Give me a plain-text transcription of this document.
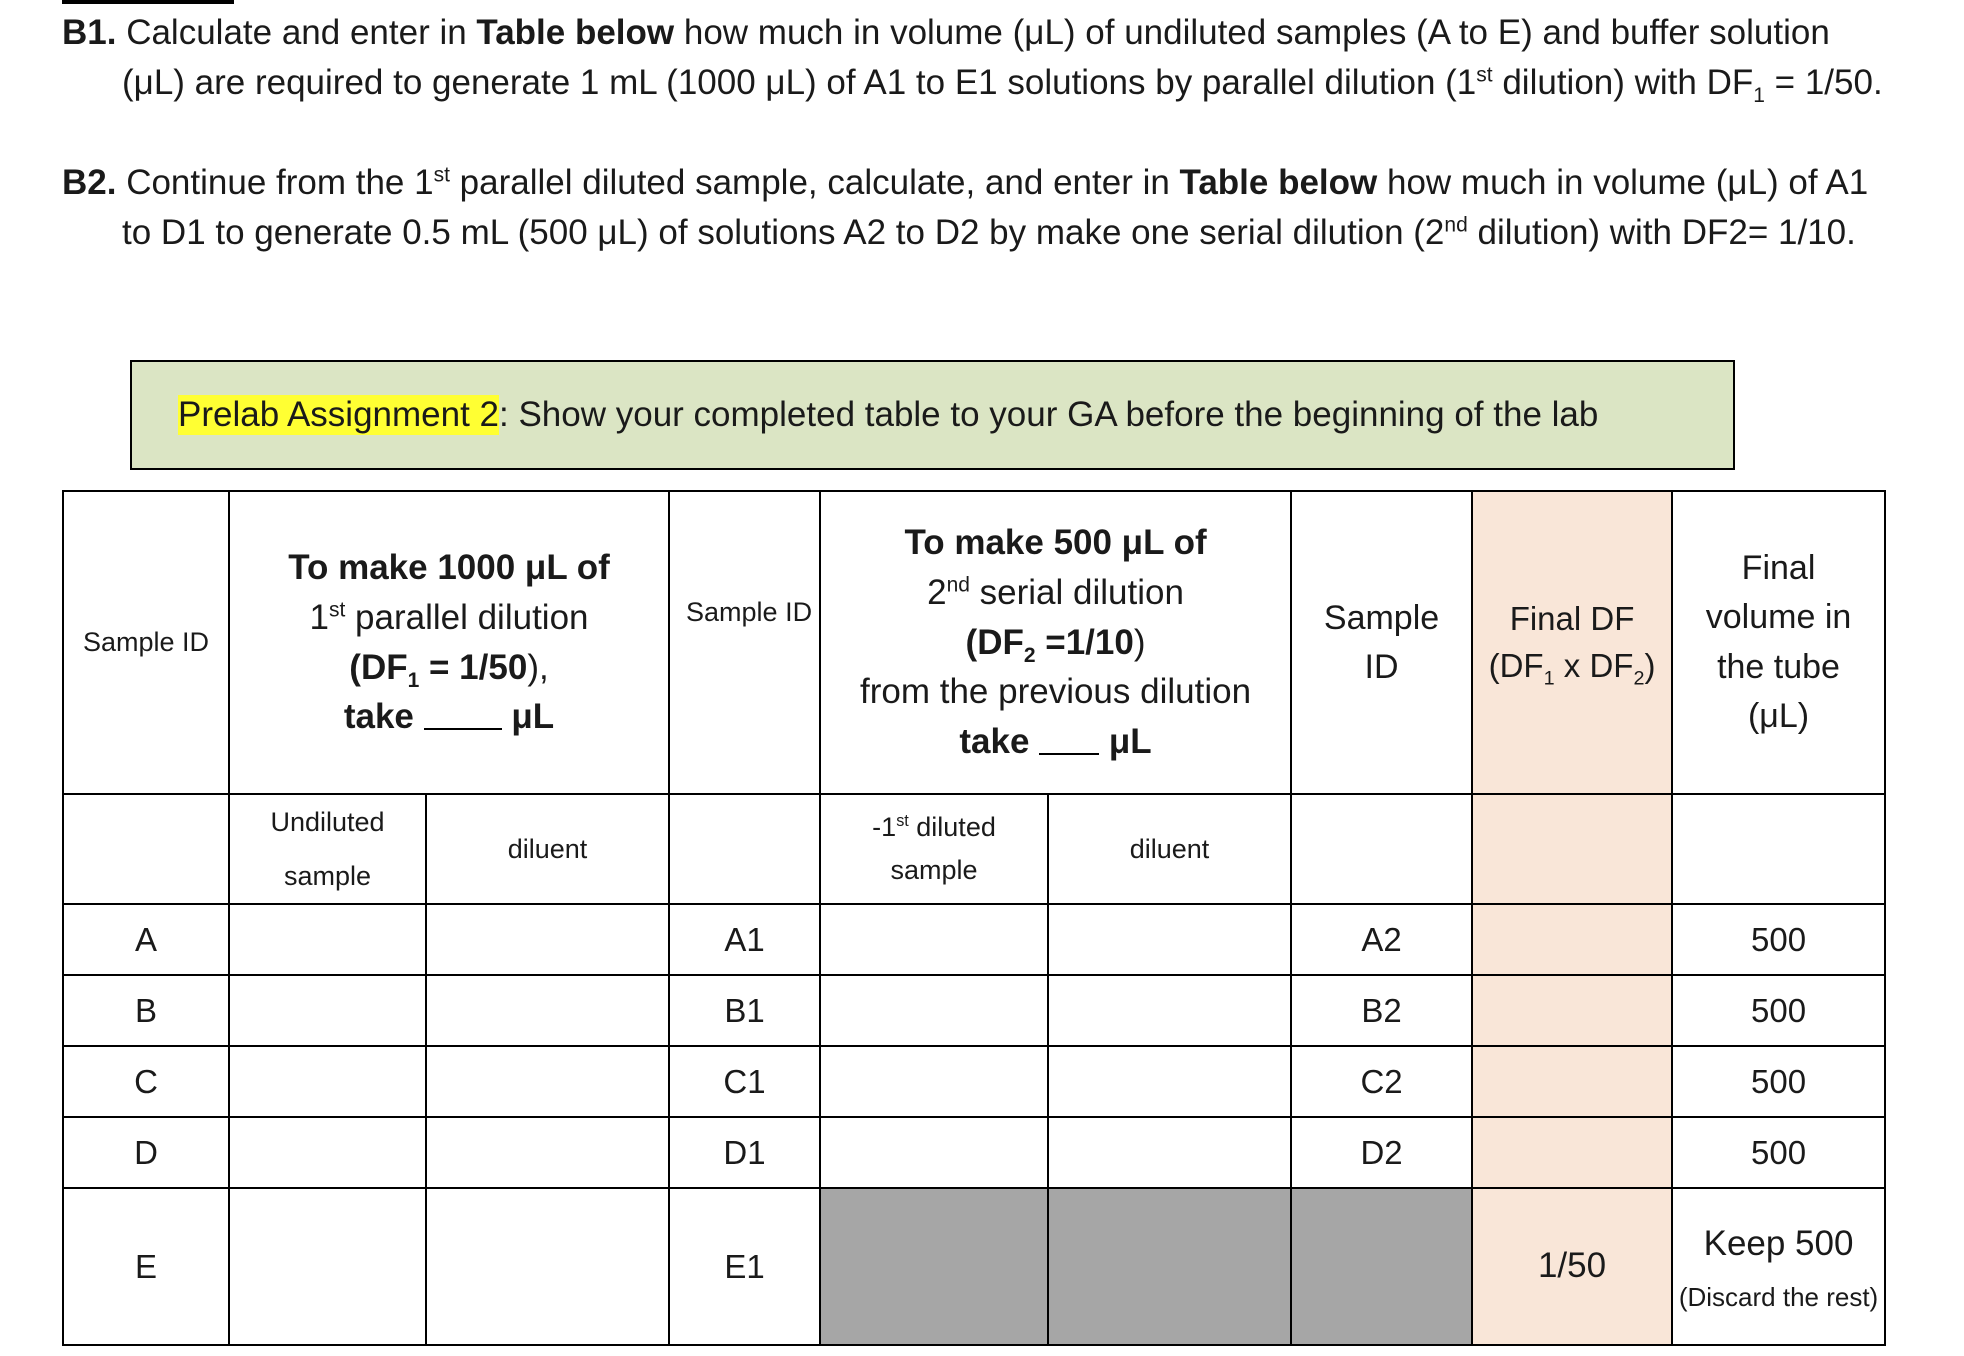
B1. Calculate and enter in Table below how much in volume (μL) of undiluted samples (A to E) and buffer solution (μL) are required to generate 1 mL (1000 μL) of A1 to E1 solutions by parallel dilution (1st dilution) with $DF_1 = 1/50$.

B2. Continue from the 1st parallel diluted sample, calculate, and enter in Table below how much in volume (μL) of A1 to D1 to generate 0.5 mL (500 μL) of solutions A2 to D2 by make one serial dilution (2nd dilution) with DF2= 1/10.

Prelab Assignment 2 : Show your completed table to your GA before the beginning of the lab
Sample ID	To make 1000 μL of
1st parallel dilution
$(DF_1 = 1/50)$,
take μL		Sample ID	To make 500 μL of
2nd serial dilution
$(DF_2 =1/10)$
from the previous dilution
take μL		Sample
ID	Final DF
($DF_1$ x $DF_2$)	Final
volume in
the tube
(μL)
	Undiluted
sample	diluent		-1st diluted
sample	diluent			
A			A1			A2		500
B			B1			B2		500
C			C1			C2		500
D			D1			D2		500
E			E1				1/50	Keep 500
(Discard the rest)
